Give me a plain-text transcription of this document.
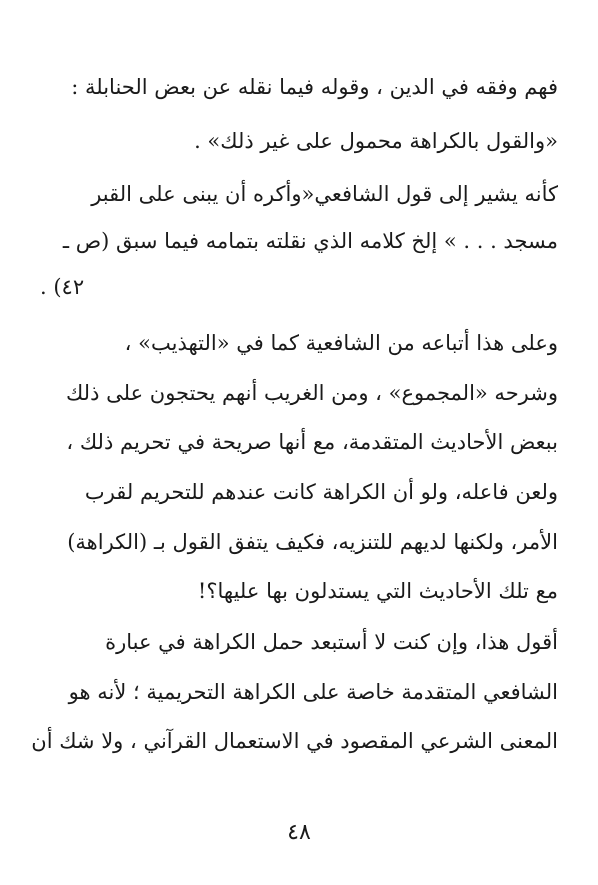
فهم وفقه في الدين ، وقوله فيما نقله عن بعض الحنابلة :
«والقول بالكراهة محمول على غير ذلك» .
كأنه يشير إلى قول الشافعي«وأكره أن يبنى على القبر
مسجد . . . » إلخ كلامه الذي نقلته بتمامه فيما سبق (ص ـ
٤٢) .
وعلى هذا أتباعه من الشافعية كما في «التهذيب» ،
وشرحه «المجموع» ، ومن الغريب أنهم يحتجون على ذلك
ببعض الأحاديث المتقدمة، مع أنها صريحة في تحريم ذلك ،
ولعن فاعله، ولو أن الكراهة كانت عندهم للتحريم لقرب
الأمر، ولكنها لديهم للتنزيه، فكيف يتفق القول بـ (الكراهة)
مع تلك الأحاديث التي يستدلون بها عليها؟!
أقول هذا، وإن كنت لا أستبعد حمل الكراهة في عبارة
الشافعي المتقدمة خاصة على الكراهة التحريمية ؛ لأنه هو
المعنى الشرعي المقصود في الاستعمال القرآني ، ولا شك أن
٤٨
